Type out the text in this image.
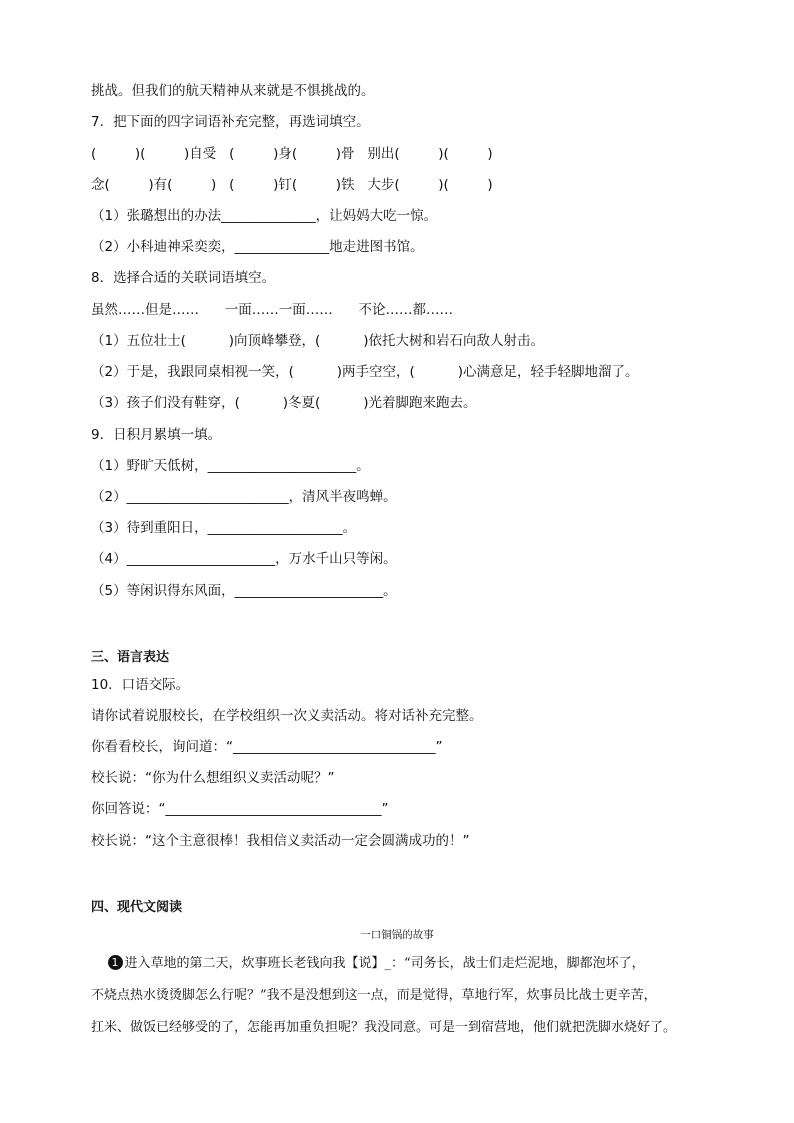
挑战。但我们的航天精神从来就是不惧挑战的。
7．把下面的四字词语补充完整，再选词填空。
(         )(         )自受   (         )身(         )骨   别出(         )(         )
念(         )有(         )   (         )钉(         )铁   大步(         )(         )
（1）张璐想出的办法______________，让妈妈大吃一惊。
（2）小科迪神采奕奕，______________地走进图书馆。
8．选择合适的关联词语填空。
虽然……但是……      一面……一面……      不论……都……
（1）五位壮士(          )向顶峰攀登，(          )依托大树和岩石向敌人射击。
（2）于是，我跟同桌相视一笑，(          )两手空空，(          )心满意足，轻手轻脚地溜了。
（3）孩子们没有鞋穿，(          )冬夏(          )光着脚跑来跑去。
9．日积月累填一填。
（1）野旷天低树，______________________。
（2）________________________，清风半夜鸣蝉。
（3）待到重阳日，____________________。
（4）______________________，万水千山只等闲。
（5）等闲识得东风面，______________________。
三、语言表达
10．口语交际。
请你试着说服校长，在学校组织一次义卖活动。将对话补充完整。
你看看校长，询问道：“______________________________”
校长说：“你为什么想组织义卖活动呢？”
你回答说：“________________________________”
校长说：“这个主意很棒！我相信义卖活动一定会圆满成功的！”
四、现代文阅读
一口铜锅的故事
1 进入草地的第二天，炊事班长老钱向我【说】_：“司务长，战士们走烂泥地，脚都泡坏了，
不烧点热水烫烫脚怎么行呢？”我不是没想到这一点，而是觉得，草地行军，炊事员比战士更辛苦，
扛米、做饭已经够受的了，怎能再加重负担呢？我没同意。可是一到宿营地，他们就把洗脚水烧好了。
